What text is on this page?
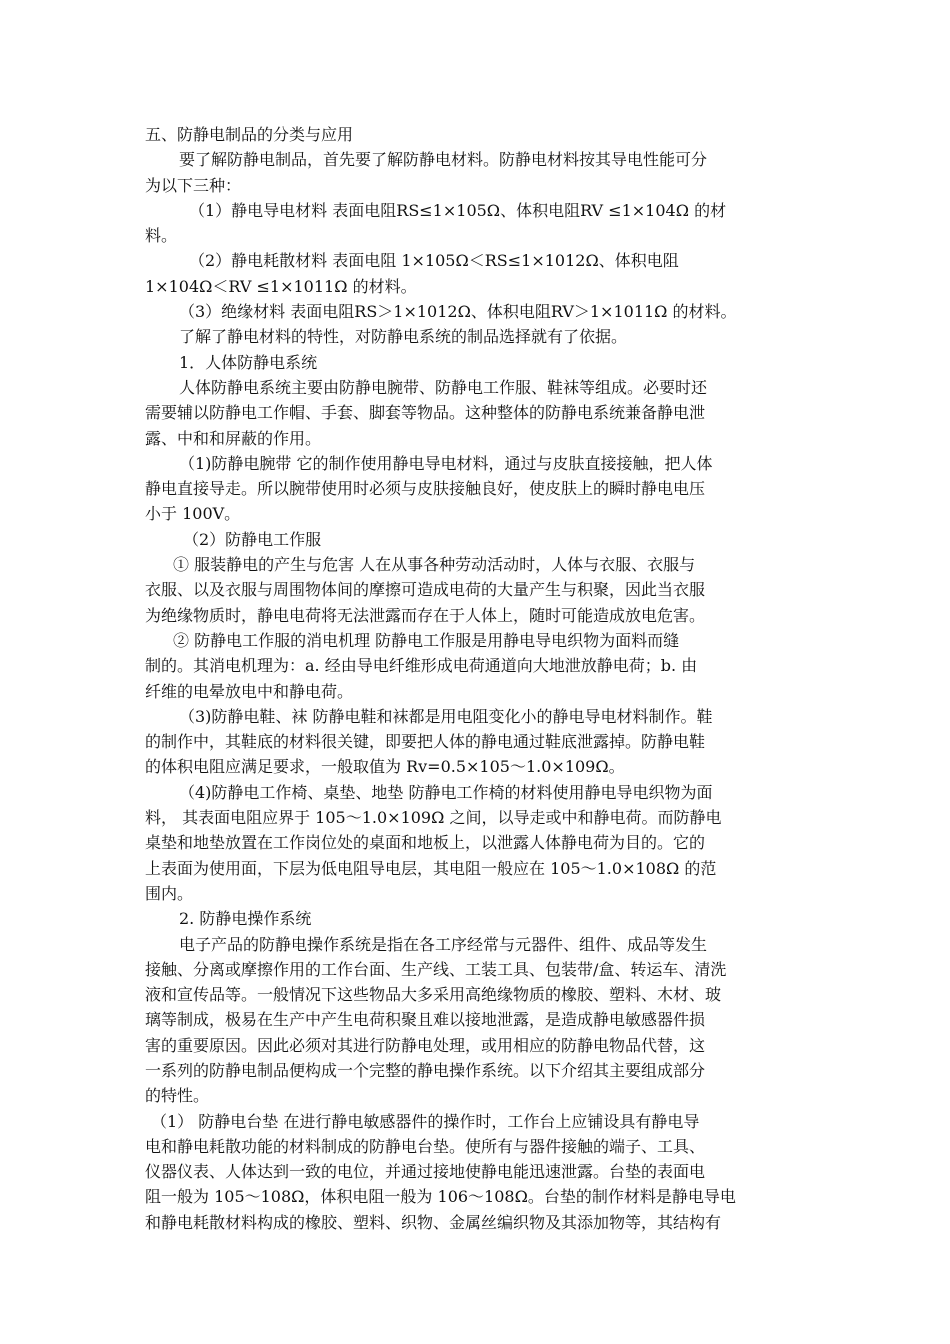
五、防静电制品的分类与应用
要了解防静电制品，首先要了解防静电材料。防静电材料按其导电性能可分
为以下三种：
（1）静电导电材料 表面电阻RS≤1×105Ω、体积电阻RV ≤1×104Ω 的材
料。
（2）静电耗散材料 表面电阻 1×105Ω＜RS≤1×1012Ω、体积电阻
1×104Ω＜RV ≤1×1011Ω 的材料。
（3）绝缘材料 表面电阻RS＞1×1012Ω、体积电阻RV＞1×1011Ω 的材料。
了解了静电材料的特性，对防静电系统的制品选择就有了依据。
1．人体防静电系统
人体防静电系统主要由防静电腕带、防静电工作服、鞋袜等组成。必要时还
需要辅以防静电工作帽、手套、脚套等物品。这种整体的防静电系统兼备静电泄
露、中和和屏蔽的作用。
（1)防静电腕带 它的制作使用静电导电材料，通过与皮肤直接接触，把人体
静电直接导走。所以腕带使用时必须与皮肤接触良好，使皮肤上的瞬时静电电压
小于 100V。
（2）防静电工作服
① 服装静电的产生与危害 人在从事各种劳动活动时，人体与衣服、衣服与
衣服、以及衣服与周围物体间的摩擦可造成电荷的大量产生与积聚，因此当衣服
为绝缘物质时，静电电荷将无法泄露而存在于人体上，随时可能造成放电危害。
② 防静电工作服的消电机理 防静电工作服是用静电导电织物为面料而缝
制的。其消电机理为：a. 经由导电纤维形成电荷通道向大地泄放静电荷；b. 由
纤维的电晕放电中和静电荷。
（3)防静电鞋、袜 防静电鞋和袜都是用电阻变化小的静电导电材料制作。鞋
的制作中，其鞋底的材料很关键，即要把人体的静电通过鞋底泄露掉。防静电鞋
的体积电阻应满足要求，一般取值为 Rv=0.5×105～1.0×109Ω。
（4)防静电工作椅、桌垫、地垫 防静电工作椅的材料使用静电导电织物为面
料， 其表面电阻应界于 105～1.0×109Ω 之间，以导走或中和静电荷。而防静电
桌垫和地垫放置在工作岗位处的桌面和地板上，以泄露人体静电荷为目的。它的
上表面为使用面，下层为低电阻导电层，其电阻一般应在 105～1.0×108Ω 的范
围内。
2. 防静电操作系统
电子产品的防静电操作系统是指在各工序经常与元器件、组件、成品等发生
接触、分离或摩擦作用的工作台面、生产线、工装工具、包装带/盒、转运车、清洗
液和宣传品等。一般情况下这些物品大多采用高绝缘物质的橡胶、塑料、木材、玻
璃等制成，极易在生产中产生电荷积聚且难以接地泄露，是造成静电敏感器件损
害的重要原因。因此必须对其进行防静电处理，或用相应的防静电物品代替，这
一系列的防静电制品便构成一个完整的静电操作系统。以下介绍其主要组成部分
的特性。
（1） 防静电台垫 在进行静电敏感器件的操作时，工作台上应铺设具有静电导
电和静电耗散功能的材料制成的防静电台垫。使所有与器件接触的端子、工具、
仪器仪表、人体达到一致的电位，并通过接地使静电能迅速泄露。台垫的表面电
阻一般为 105～108Ω，体积电阻一般为 106～108Ω。台垫的制作材料是静电导电
和静电耗散材料构成的橡胶、塑料、织物、金属丝编织物及其添加物等，其结构有
